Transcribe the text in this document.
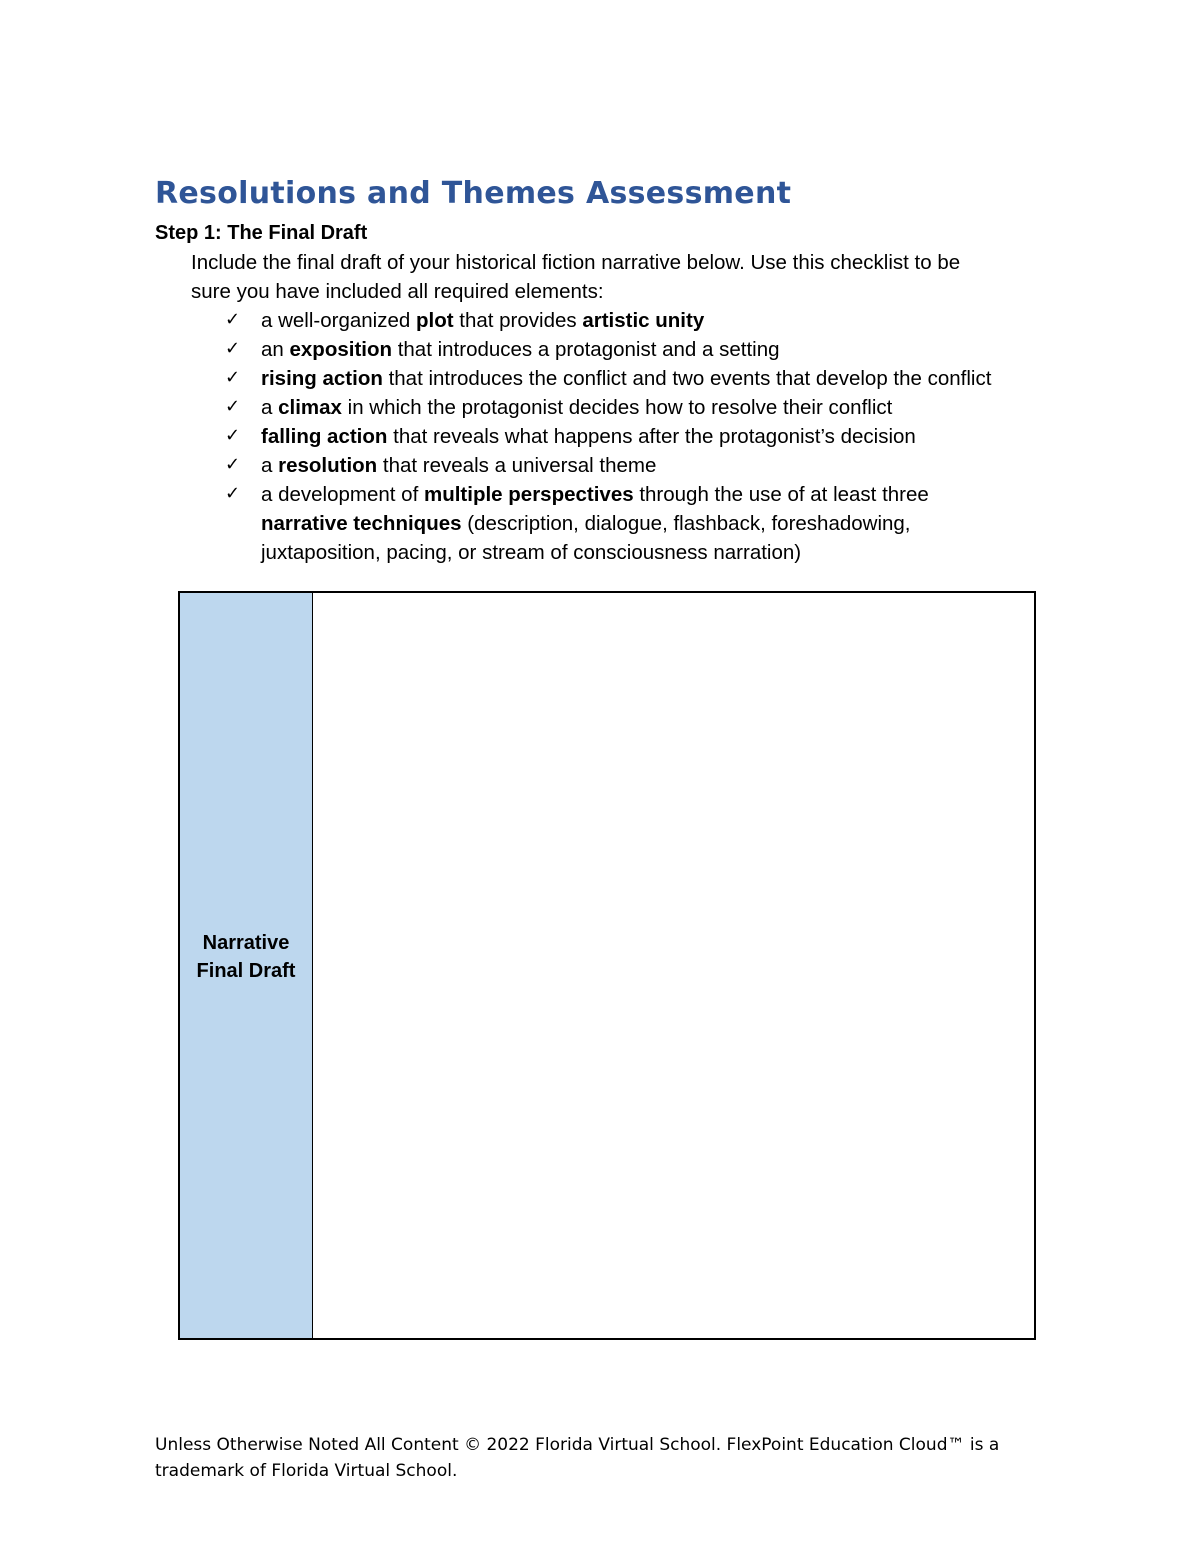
Resolutions and Themes Assessment
Step 1: The Final Draft
Include the final draft of your historical fiction narrative below. Use this checklist to be
sure you have included all required elements:
✓	a well-organized plot that provides artistic unity
✓	an exposition that introduces a protagonist and a setting
✓	rising action that introduces the conflict and two events that develop the conflict
✓	a climax in which the protagonist decides how to resolve their conflict
✓	falling action that reveals what happens after the protagonist’s decision
✓	a resolution that reveals a universal theme
✓	a development of multiple perspectives through the use of at least three
narrative techniques (description, dialogue, flashback, foreshadowing,
juxtaposition, pacing, or stream of consciousness narration)
Narrative
Final Draft
Unless Otherwise Noted All Content © 2022 Florida Virtual School. FlexPoint Education Cloud™ is a
trademark of Florida Virtual School.
